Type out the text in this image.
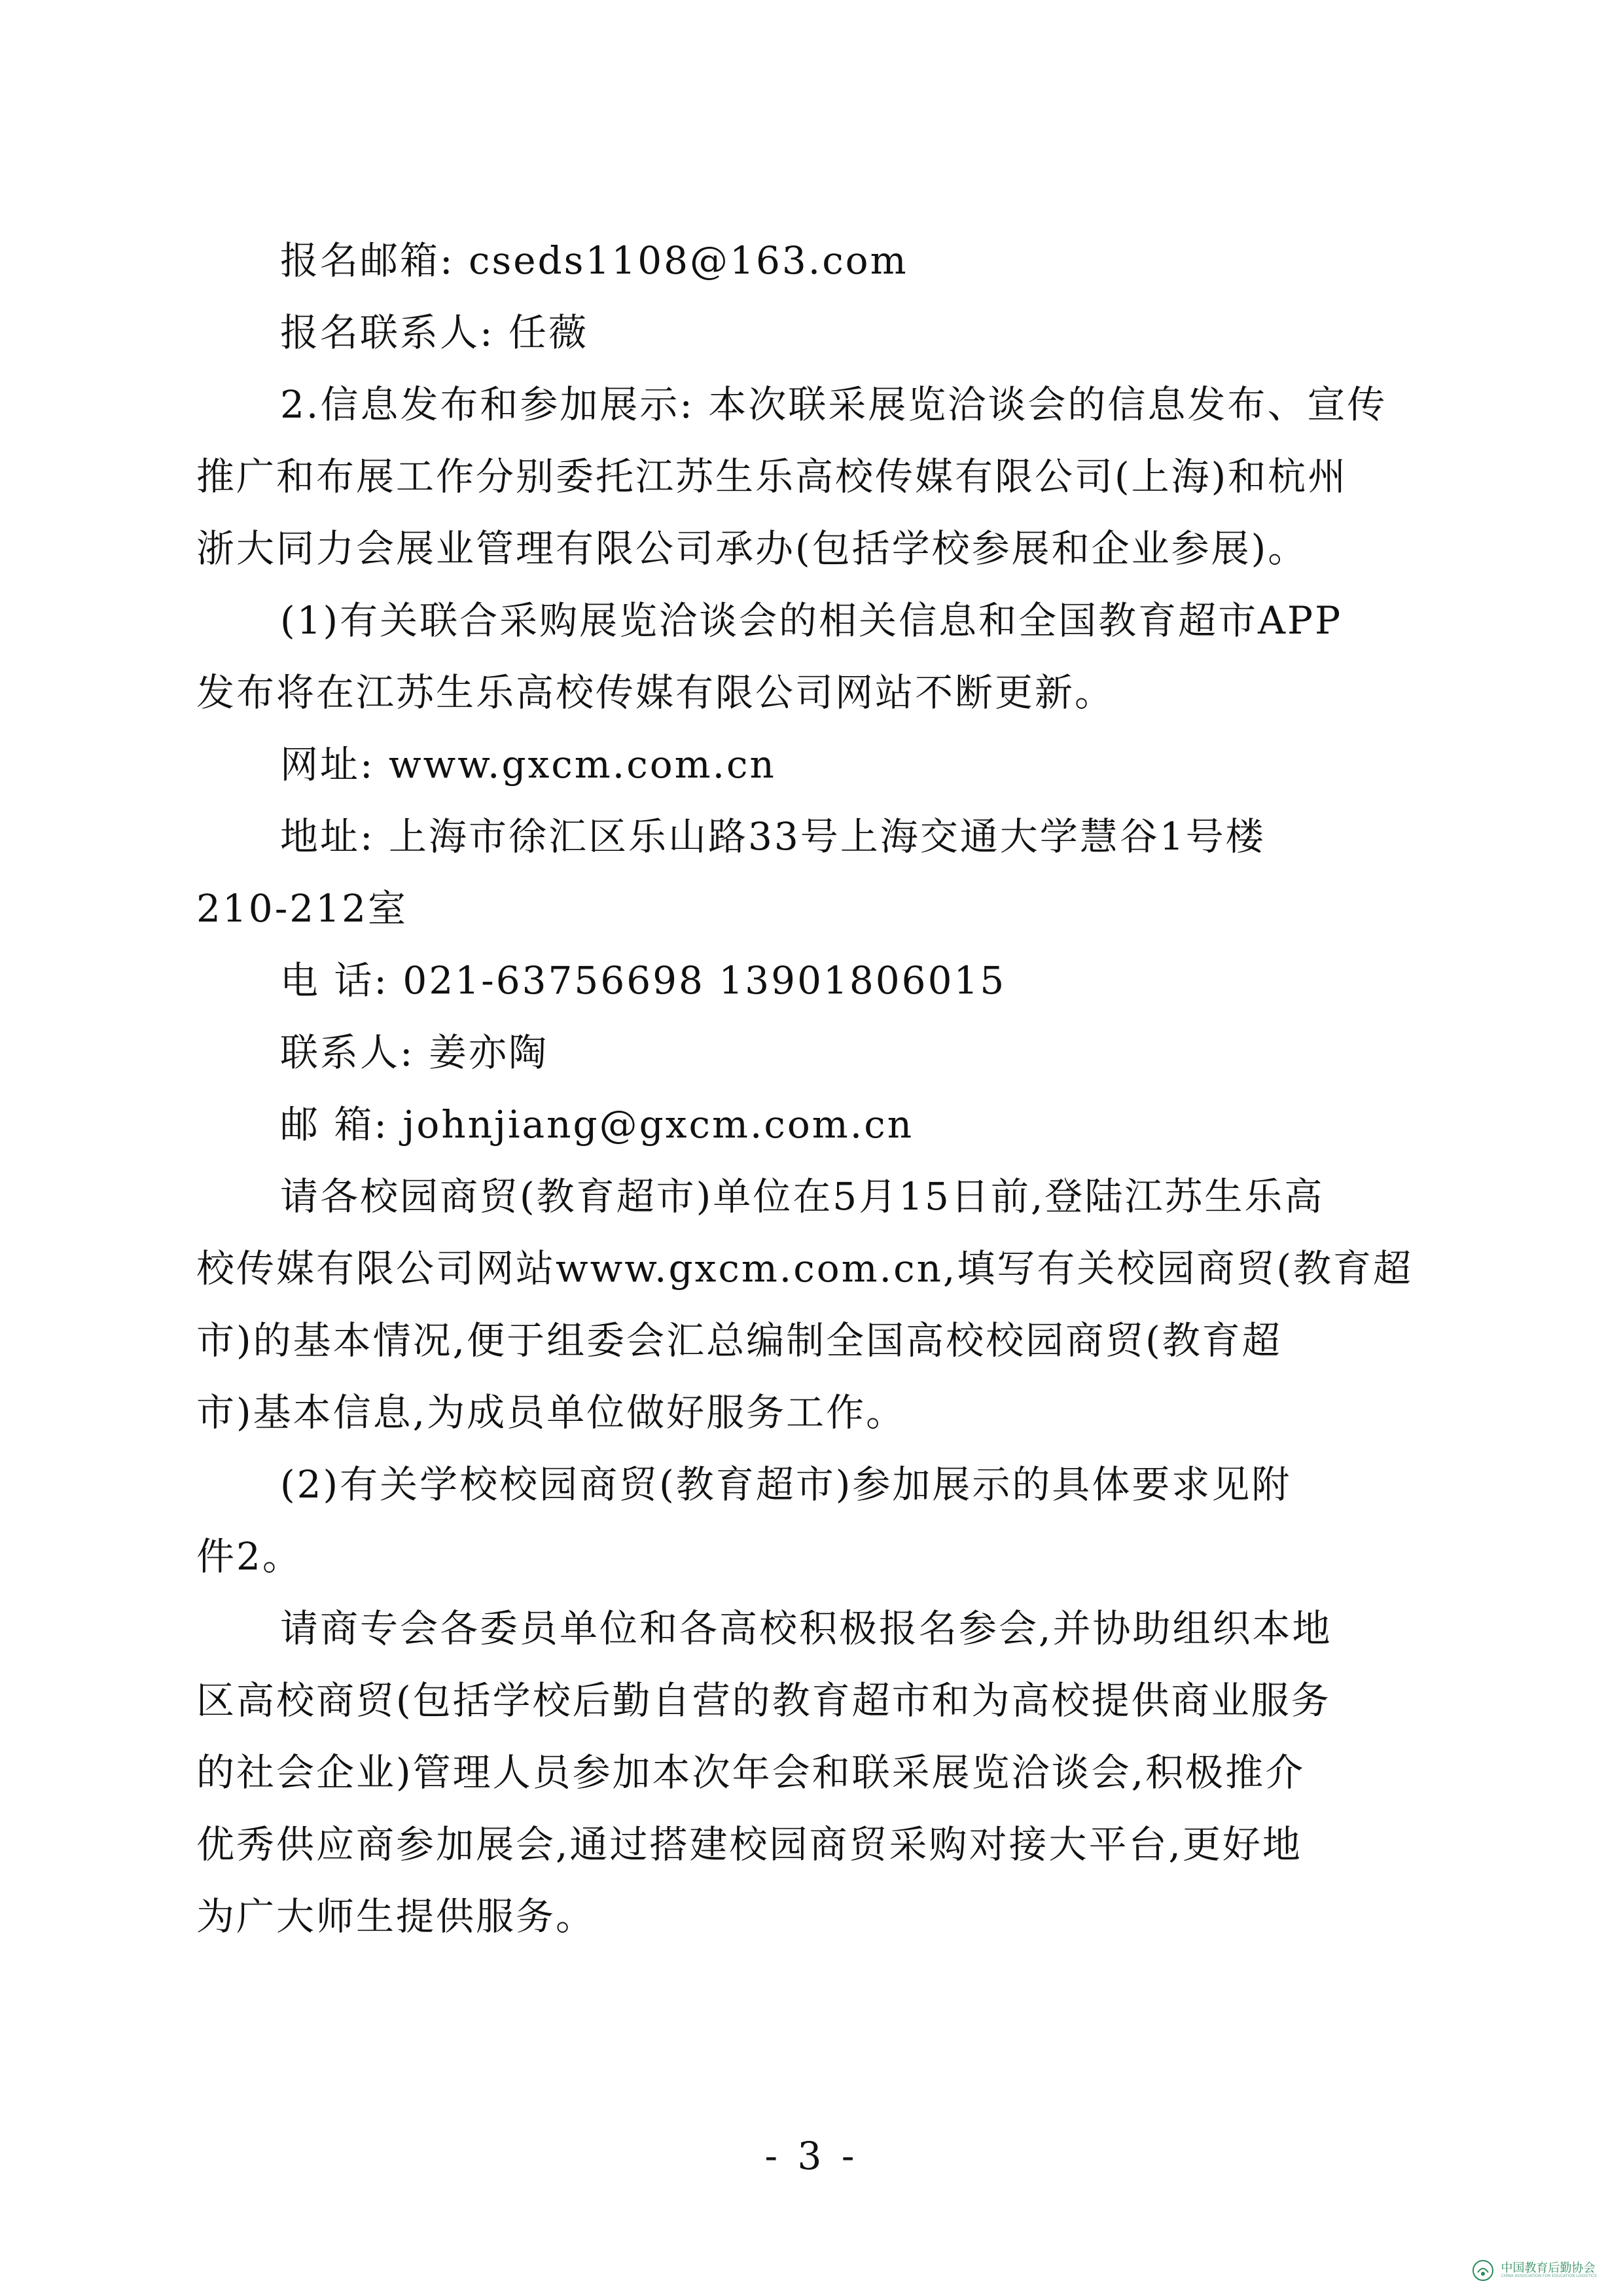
报名邮箱: cseds1108@163.com
报名联系人: 任薇
2.信息发布和参加展示: 本次联采展览洽谈会的信息发布、宣传
推广和布展工作分别委托江苏生乐高校传媒有限公司(上海)和杭州
浙大同力会展业管理有限公司承办(包括学校参展和企业参展)。
(1)有关联合采购展览洽谈会的相关信息和全国教育超市APP
发布将在江苏生乐高校传媒有限公司网站不断更新。
网址: www.gxcm.com.cn
地址: 上海市徐汇区乐山路33号上海交通大学慧谷1号楼
210-212室
电 话: 021-63756698 13901806015
联系人: 姜亦陶
邮 箱: johnjiang@gxcm.com.cn
请各校园商贸(教育超市)单位在5月15日前,登陆江苏生乐高
校传媒有限公司网站www.gxcm.com.cn,填写有关校园商贸(教育超
市)的基本情况,便于组委会汇总编制全国高校校园商贸(教育超
市)基本信息,为成员单位做好服务工作。
(2)有关学校校园商贸(教育超市)参加展示的具体要求见附
件2。
请商专会各委员单位和各高校积极报名参会,并协助组织本地
区高校商贸(包括学校后勤自营的教育超市和为高校提供商业服务
的社会企业)管理人员参加本次年会和联采展览洽谈会,积极推介
优秀供应商参加展会,通过搭建校园商贸采购对接大平台,更好地
为广大师生提供服务。
- 3 -
中国教育后勤协会
CHINA ASSOCIATION FOR EDUCATION LOGISTICS
